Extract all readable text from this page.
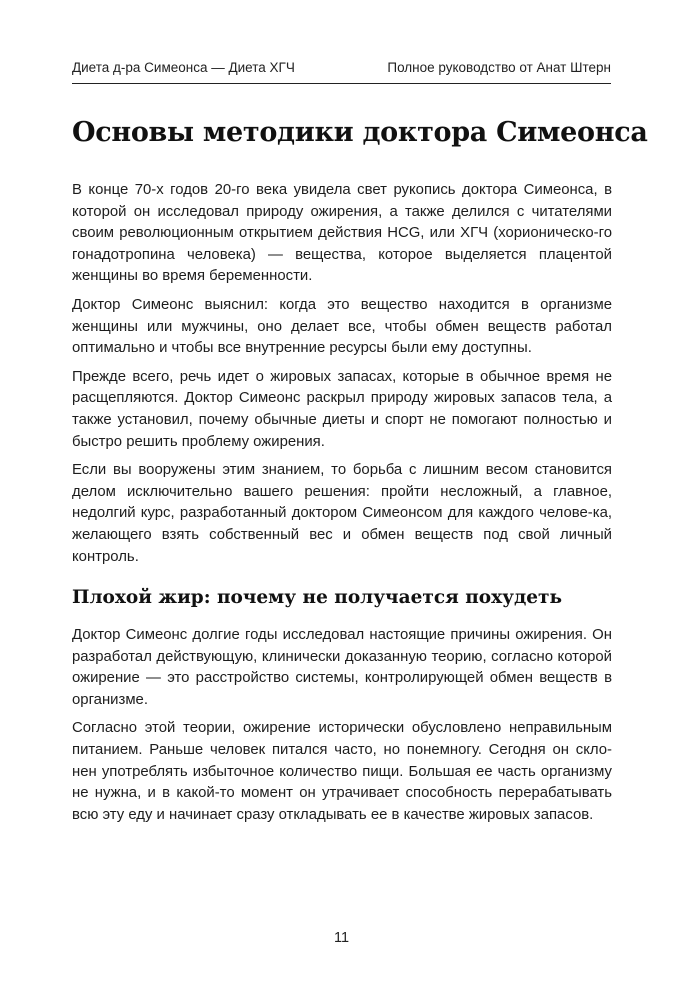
Диета д-ра Симеонса — Диета ХГЧ	Полное руководство от Анат Штерн
Основы методики доктора Симеонса

В конце 70-х годов 20-го века увидела свет рукопись доктора Симеонса, в которой он исследовал природу ожирения, а также делился с читателями своим революционным открытием действия HCG, или ХГЧ (хорионическо-го гонадотропина человека) — вещества, которое выделяется плацентой женщины во время беременности.

Доктор Симеонс выяснил: когда это вещество находится в организме женщины или мужчины, оно делает все, чтобы обмен веществ работал оптимально и чтобы все внутренние ресурсы были ему доступны.

Прежде всего, речь идет о жировых запасах, которые в обычное время не расщепляются. Доктор Симеонс раскрыл природу жировых запасов тела, а также установил, почему обычные диеты и спорт не помогают полностью и быстро решить проблему ожирения.

Если вы вооружены этим знанием, то борьба с лишним весом становится делом исключительно вашего решения: пройти несложный, а главное, недолгий курс, разработанный доктором Симеонсом для каждого челове-ка, желающего взять собственный вес и обмен веществ под свой личный контроль.

Плохой жир: почему не получается похудеть

Доктор Симеонс долгие годы исследовал настоящие причины ожирения. Он разработал действующую, клинически доказанную теорию, согласно которой ожирение — это расстройство системы, контролирующей обмен веществ в организме.

Согласно этой теории, ожирение исторически обусловлено неправильным питанием. Раньше человек питался часто, но понемногу. Сегодня он скло-нен употреблять избыточное количество пищи. Большая ее часть организму не нужна, и в какой-то момент он утрачивает способность перерабатывать всю эту еду и начинает сразу откладывать ее в качестве жировых запасов.

11
